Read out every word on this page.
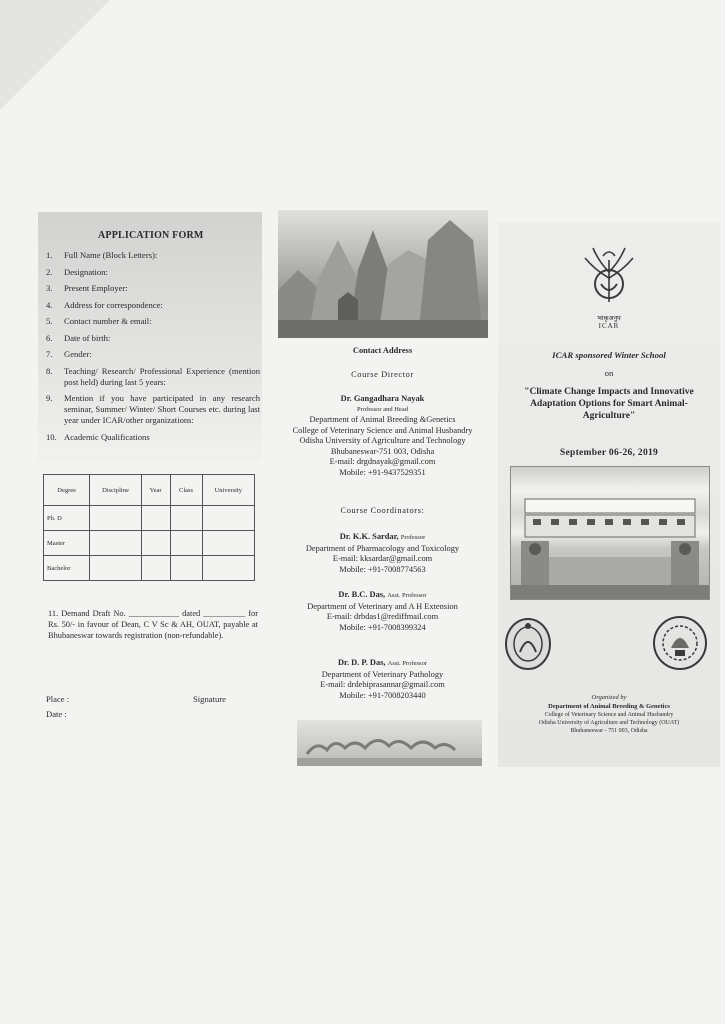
APPLICATION FORM
1.	Full Name (Block Letters):
2.	Designation:
3.	Present Employer:
4.	Address for correspondence:
5.	Contact number & email:
6.	Date of birth:
7.	Gender:
8.	Teaching/ Research/ Professional Experience (mention post held) during last 5 years:
9.	Mention if you have participated in any research seminar, Summer/ Winter/ Short Courses etc. during last year under ICAR/other organizations:
10. Academic Qualifications
Degree	Discipline	Year	Class	University
Ph. D				
Master				
Bachelor				
11. Demand Draft No. ____________ dated __________ for Rs. 50/- in favour of Dean, C V Sc & AH, OUAT, payable at Bhubaneswar towards registration (non-refundable).
Place :	Signature
Date :
Contact Address
Course Director
Dr. Gangadhara Nayak
Professor and Head
Department of Animal Breeding &Genetics
College of Veterinary Science and Animal Husbandry
Odisha University of Agriculture and Technology
Bhubaneswar-751 003, Odisha
E-mail: drgdnayak@gmail.com
Mobile: +91-9437529351
Course Coordinators:
Dr. K.K. Sardar, Professor
Department of Pharmacology and Toxicology
E-mail: kksardar@gmail.com
Mobile: +91-7008774563
Dr. B.C. Das, Asst. Professor
Department of Veterinary and A H Extension
E-mail: drbdas1@rediffmail.com
Mobile: +91-7008399324
Dr. D. P. Das, Asst. Professor
Department of Veterinary Pathology
E-mail: drdebiprasannar@gmail.com
Mobile: +91-7008203440
भाकृअनुप
ICAR
ICAR sponsored Winter School
on
"Climate Change Impacts and Innovative Adaptation Options for Smart Animal- Agriculture"
September 06-26, 2019
Organized by
Department of Animal Breeding & Genetics
College of Veterinary Science and Animal Husbandry
Odisha University of Agriculture and Technology (OUAT)
Bhubaneswar - 751 003, Odisha
